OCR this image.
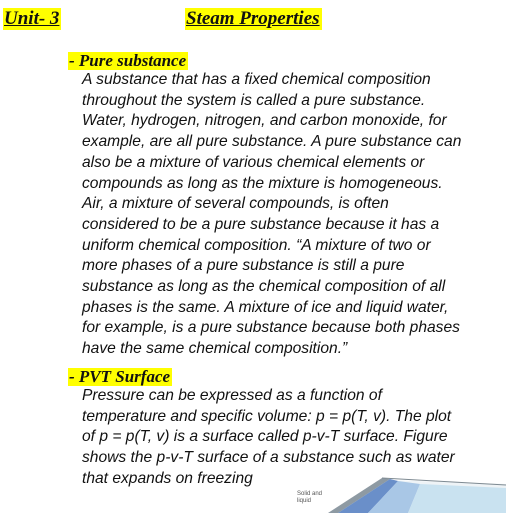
Unit- 3	Steam Properties
- Pure substance

A substance that has a fixed chemical composition
throughout the system is called a pure substance.
Water, hydrogen, nitrogen, and carbon monoxide, for
example, are all pure substance. A pure substance can
also be a mixture of various chemical elements or
compounds as long as the mixture is homogeneous.
Air, a mixture of several compounds, is often
considered to be a pure substance because it has a
uniform chemical composition. “A mixture of two or
more phases of a pure substance is still a pure
substance as long as the chemical composition of all
phases is the same. A mixture of ice and liquid water,
for example, is a pure substance because both phases
have the same chemical composition.”

- PVT Surface

Pressure can be expressed as a function of
temperature and specific volume: p = p(T, v). The plot
of p = p(T, v) is a surface called p-v-T surface. Figure
shows the p-v-T surface of a substance such as water
that expands on freezing

Solid and liquid
